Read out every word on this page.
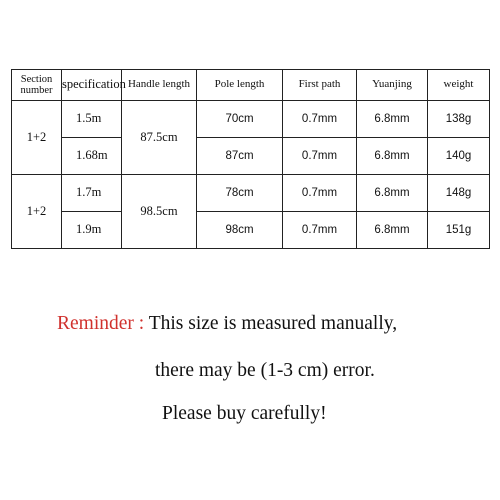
Section number	specification	Handle length	Pole length	First path	Yuanjing	weight
1+2	1.5m	87.5cm	70cm	0.7mm	6.8mm	138g
	1.68m		87cm	0.7mm	6.8mm	140g
1+2	1.7m	98.5cm	78cm	0.7mm	6.8mm	148g
	1.9m		98cm	0.7mm	6.8mm	151g
Reminder : This size is measured manually,
there may be (1-3 cm) error.
Please buy carefully!
